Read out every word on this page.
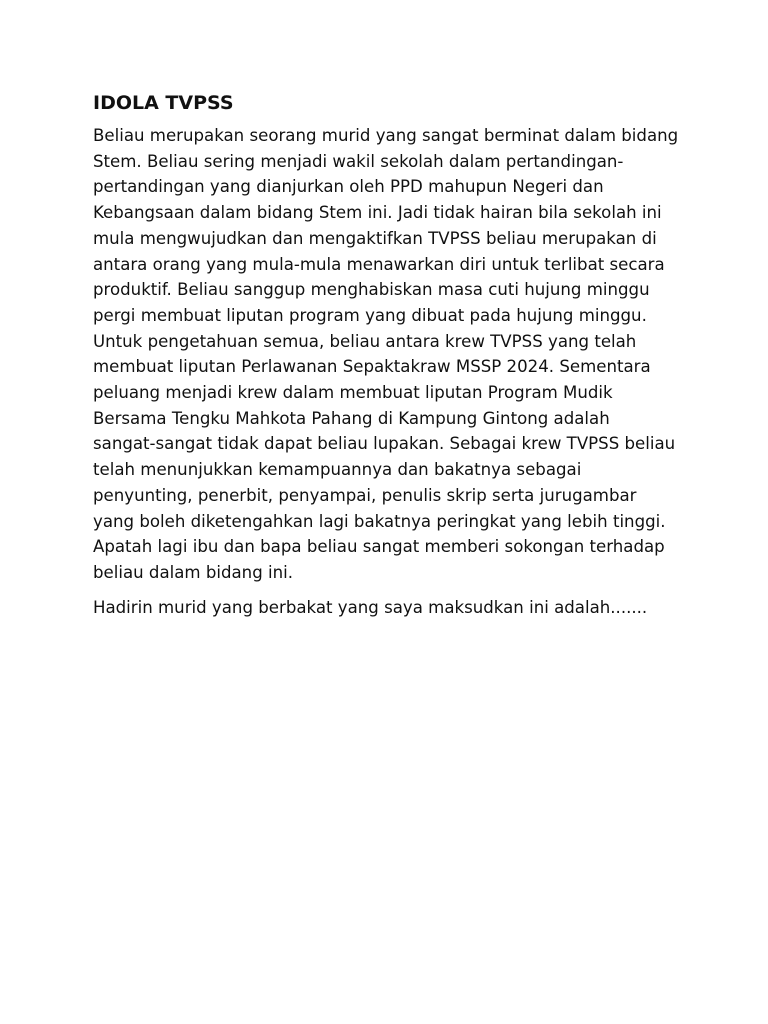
IDOLA TVPSS

Beliau merupakan seorang murid yang sangat berminat dalam bidang
Stem. Beliau sering menjadi wakil sekolah dalam pertandingan-
pertandingan yang dianjurkan oleh PPD mahupun Negeri dan
Kebangsaan dalam bidang Stem ini. Jadi tidak hairan bila sekolah ini
mula mengwujudkan dan mengaktifkan TVPSS beliau merupakan di
antara orang yang mula-mula menawarkan diri untuk terlibat secara
produktif. Beliau sanggup menghabiskan masa cuti hujung minggu
pergi membuat liputan program yang dibuat pada hujung minggu.
Untuk pengetahuan semua, beliau antara krew TVPSS yang telah
membuat liputan Perlawanan Sepaktakraw MSSP 2024. Sementara
peluang menjadi krew dalam membuat liputan Program Mudik
Bersama Tengku Mahkota Pahang di Kampung Gintong adalah
sangat-sangat tidak dapat beliau lupakan. Sebagai krew TVPSS beliau
telah menunjukkan kemampuannya dan bakatnya sebagai
penyunting, penerbit, penyampai, penulis skrip serta jurugambar
yang boleh diketengahkan lagi bakatnya peringkat yang lebih tinggi.
Apatah lagi ibu dan bapa beliau sangat memberi sokongan terhadap
beliau dalam bidang ini.

Hadirin murid yang berbakat yang saya maksudkan ini adalah.......
